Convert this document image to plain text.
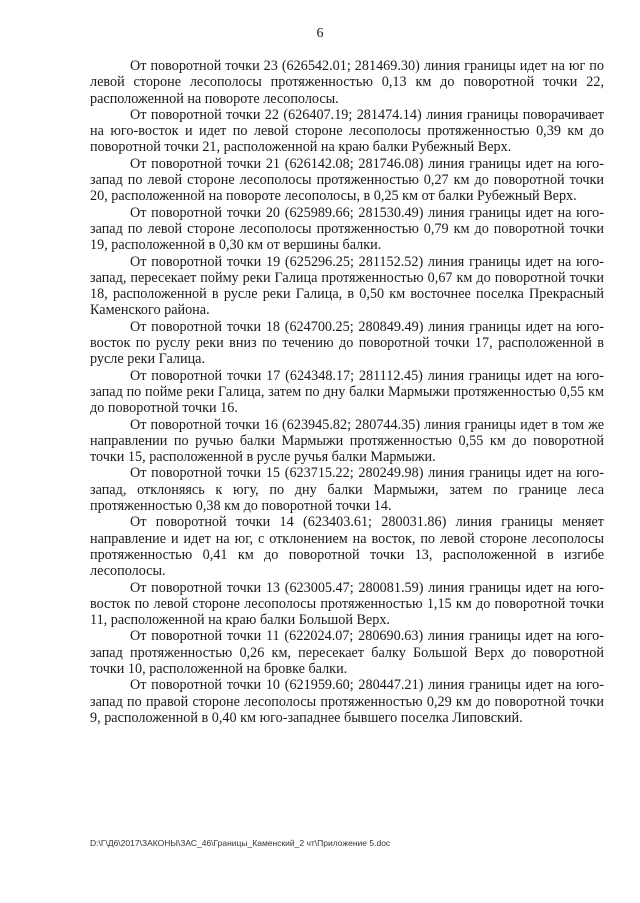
6

От поворотной точки 23 (626542.01; 281469.30) линия границы идет на юг по левой стороне лесополосы протяженностью 0,13 км до поворотной точки 22, расположенной на повороте лесополосы.

От поворотной точки 22 (626407.19; 281474.14) линия границы поворачивает на юго-восток и идет по левой стороне лесополосы протяженностью 0,39 км до поворотной точки 21, расположенной на краю балки Рубежный Верх.

От поворотной точки 21 (626142.08; 281746.08) линия границы идет на юго-запад по левой стороне лесополосы протяженностью 0,27 км до поворотной точки 20, расположенной на повороте лесополосы, в 0,25 км от балки Рубежный Верх.

От поворотной точки 20 (625989.66; 281530.49) линия границы идет на юго-запад по левой стороне лесополосы протяженностью 0,79 км до поворотной точки 19, расположенной в 0,30 км от вершины балки.

От поворотной точки 19 (625296.25; 281152.52) линия границы идет на юго-запад, пересекает пойму реки Галица протяженностью 0,67 км до поворотной точки 18, расположенной в русле реки Галица, в 0,50 км восточнее поселка Прекрасный Каменского района.

От поворотной точки 18 (624700.25; 280849.49) линия границы идет на юго-восток по руслу реки вниз по течению до поворотной точки 17, расположенной в русле реки Галица.

От поворотной точки 17 (624348.17; 281112.45) линия границы идет на юго-запад по пойме реки Галица, затем по дну балки Мармыжи протяженностью 0,55 км до поворотной точки 16.

От поворотной точки 16 (623945.82; 280744.35) линия границы идет в том же направлении по ручью балки Мармыжи протяженностью 0,55 км до поворотной точки 15, расположенной в русле ручья балки Мармыжи.

От поворотной точки 15 (623715.22; 280249.98) линия границы идет на юго-запад, отклоняясь к югу, по дну балки Мармыжи, затем по границе леса протяженностью 0,38 км до поворотной точки 14.

От поворотной точки 14 (623403.61; 280031.86) линия границы меняет направление и идет на юг, с отклонением на восток, по левой стороне лесополосы протяженностью 0,41 км до поворотной точки 13, расположенной в изгибе лесополосы.

От поворотной точки 13 (623005.47; 280081.59) линия границы идет на юго-восток по левой стороне лесополосы протяженностью 1,15 км до поворотной точки 11, расположенной на краю балки Большой Верх.

От поворотной точки 11 (622024.07; 280690.63) линия границы идет на юго-запад протяженностью 0,26 км, пересекает балку Большой Верх до поворотной точки 10, расположенной на бровке балки.

От поворотной точки 10 (621959.60; 280447.21) линия границы идет на юго-запад по правой стороне лесополосы протяженностью 0,29 км до поворотной точки 9, расположенной в 0,40 км юго-западнее бывшего поселка Липовский.

D:\Г\Д6\2017\ЗАКОНЫ\ЗАС_46\Границы_Каменский_2 чт\Приложение 5.doc
